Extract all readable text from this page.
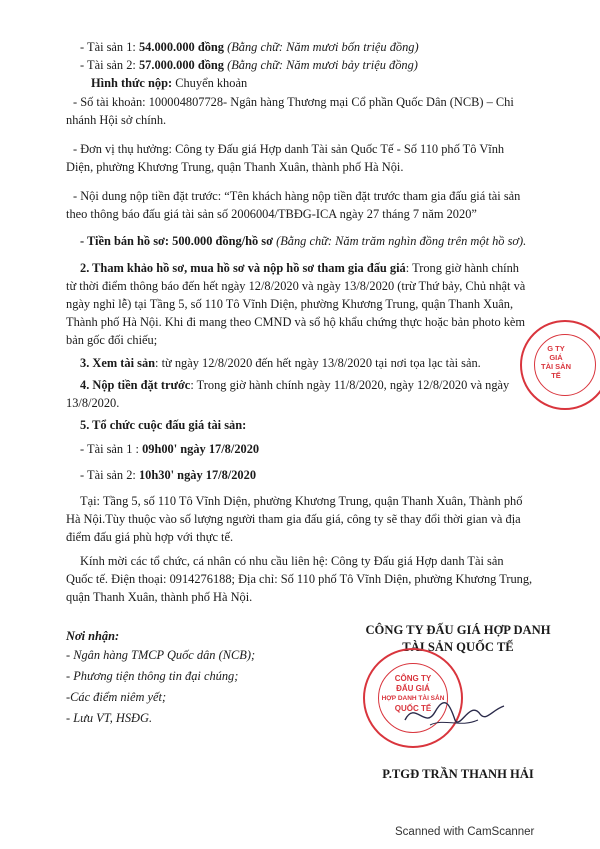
- Tài sản 1: 54.000.000 đồng (Bằng chữ: Năm mươi bốn triệu đồng)
- Tài sản 2: 57.000.000 đồng (Bằng chữ: Năm mươi bảy triệu đồng)
Hình thức nộp: Chuyển khoản
- Số tài khoản: 100004807728- Ngân hàng Thương mại Cổ phần Quốc Dân (NCB) – Chi
nhánh Hội sở chính.
- Đơn vị thụ hưởng: Công ty Đấu giá Hợp danh Tài sản Quốc Tế - Số 110 phố Tô Vĩnh
Diện, phường Khương Trung, quận Thanh Xuân, thành phố Hà Nội.
- Nội dung nộp tiền đặt trước: “Tên khách hàng nộp tiền đặt trước tham gia đấu giá tài sản
theo thông báo đấu giá tài sản số 2006004/TBĐG-ICA ngày 27 tháng 7 năm 2020”
- Tiền bán hồ sơ: 500.000 đồng/hồ sơ (Bằng chữ: Năm trăm nghìn đồng trên một hồ sơ).
2. Tham khảo hồ sơ, mua hồ sơ và nộp hồ sơ tham gia đấu giá: Trong giờ hành chính
từ thời điểm thông báo đến hết ngày 12/8/2020 và ngày 13/8/2020 (trừ Thứ bảy, Chủ nhật và
ngày nghỉ lễ) tại Tầng 5, số 110 Tô Vĩnh Diện, phường Khương Trung, quận Thanh Xuân,
Thành phố Hà Nội. Khi đi mang theo CMND và sổ hộ khẩu chứng thực hoặc bản photo kèm
bản gốc đối chiếu;
3. Xem tài sản: từ ngày 12/8/2020 đến hết ngày 13/8/2020 tại nơi tọa lạc tài sản.
4. Nộp tiền đặt trước: Trong giờ hành chính ngày 11/8/2020, ngày 12/8/2020 và ngày
13/8/2020.
5. Tổ chức cuộc đấu giá tài sản:
- Tài sản 1 : 09h00' ngày 17/8/2020
- Tài sản 2: 10h30' ngày 17/8/2020
Tại: Tầng 5, số 110 Tô Vĩnh Diện, phường Khương Trung, quận Thanh Xuân, Thành phố
Hà Nội.Tùy thuộc vào số lượng người tham gia đấu giá, công ty sẽ thay đổi thời gian và địa
điểm đấu giá phù hợp với thực tế.
Kính mời các tổ chức, cá nhân có nhu cầu liên hệ: Công ty Đấu giá Hợp danh Tài sản
Quốc tế. Điện thoại: 0914276188; Địa chỉ: Số 110 phố Tô Vĩnh Diện, phường Khương Trung,
quận Thanh Xuân, thành phố Hà Nội.
Nơi nhận:
- Ngân hàng TMCP Quốc dân (NCB);
- Phương tiện thông tin đại chúng;
-Các điểm niêm yết;
- Lưu VT, HSĐG.
CÔNG TY ĐẤU GIÁ HỢP DANH
TÀI SẢN QUỐC TẾ
P.TGĐ TRẦN THANH HẢI
CÔNG TY
ĐẤU GIÁ
HỢP DANH TÀI SẢN
QUỐC TẾ
G TY
GIÁ
TÀI SẢN
TẾ
Scanned with CamScanner
